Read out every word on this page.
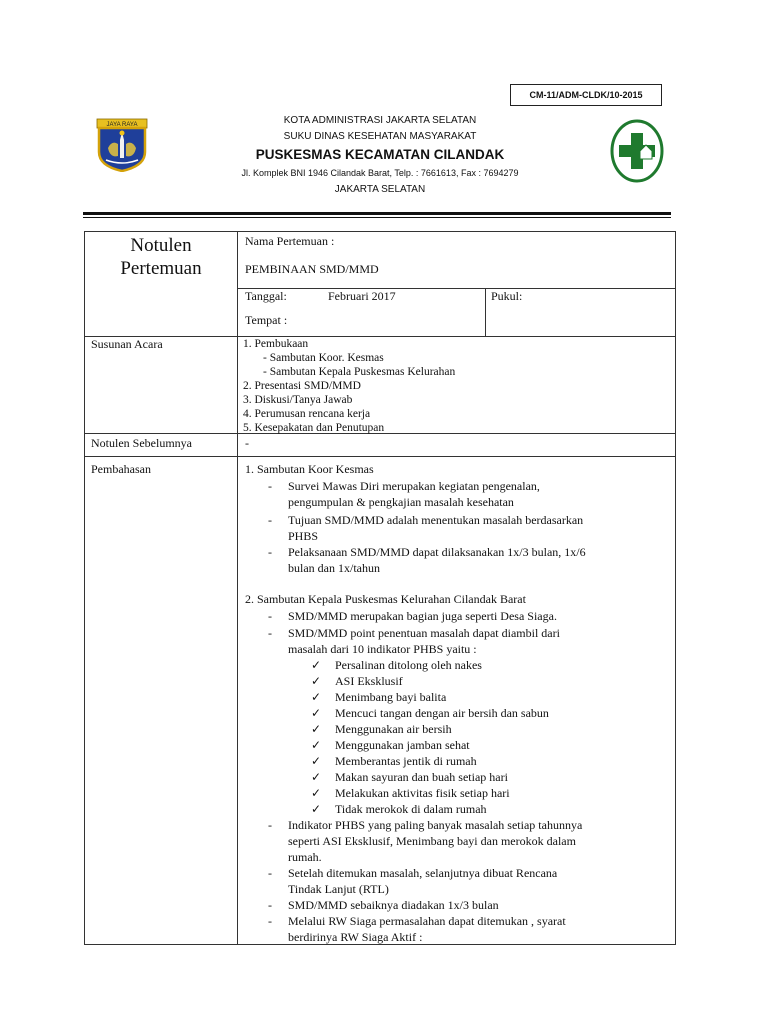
CM-11/ADM-CLDK/10-2015
JAYA RAYA	KOTA ADMINISTRASI JAKARTA SELATAN
SUKU DINAS KESEHATAN MASYARAKAT
PUSKESMAS KECAMATAN CILANDAK
Jl. Komplek BNI 1946 Cilandak Barat, Telp. : 7661613, Fax : 7694279
JAKARTA SELATAN
Notulen
Pertemuan
Nama Pertemuan :
PEMBINAAN SMD/MMD
Tanggal:	Februari 2017	Pukul:
Tempat :
Susunan Acara	1. Pembukaan
- Sambutan Koor. Kesmas
- Sambutan Kepala Puskesmas Kelurahan
2. Presentasi SMD/MMD
3. Diskusi/Tanya Jawab
4. Perumusan rencana kerja
5. Kesepakatan dan Penutupan
Notulen Sebelumnya	-
Pembahasan	1. Sambutan Koor Kesmas
- Survei Mawas Diri merupakan kegiatan pengenalan,
pengumpulan & pengkajian masalah kesehatan
- Tujuan SMD/MMD adalah menentukan masalah berdasarkan
PHBS
- Pelaksanaan SMD/MMD dapat dilaksanakan 1x/3 bulan, 1x/6
bulan dan 1x/tahun
2. Sambutan Kepala Puskesmas Kelurahan Cilandak Barat
- SMD/MMD merupakan bagian juga seperti Desa Siaga.
- SMD/MMD point penentuan masalah dapat diambil dari
masalah dari 10 indikator PHBS yaitu :
✓ Persalinan ditolong oleh nakes
✓ ASI Eksklusif
✓ Menimbang bayi balita
✓ Mencuci tangan dengan air bersih dan sabun
✓ Menggunakan air bersih
✓ Menggunakan jamban sehat
✓ Memberantas jentik di rumah
✓ Makan sayuran dan buah setiap hari
✓ Melakukan aktivitas fisik setiap hari
✓ Tidak merokok di dalam rumah
- Indikator PHBS yang paling banyak masalah setiap tahunnya
seperti ASI Eksklusif, Menimbang bayi dan merokok dalam
rumah.
- Setelah ditemukan masalah, selanjutnya dibuat Rencana
Tindak Lanjut (RTL)
- SMD/MMD sebaiknya diadakan 1x/3 bulan
- Melalui RW Siaga permasalahan dapat ditemukan , syarat
berdirinya RW Siaga Aktif :
